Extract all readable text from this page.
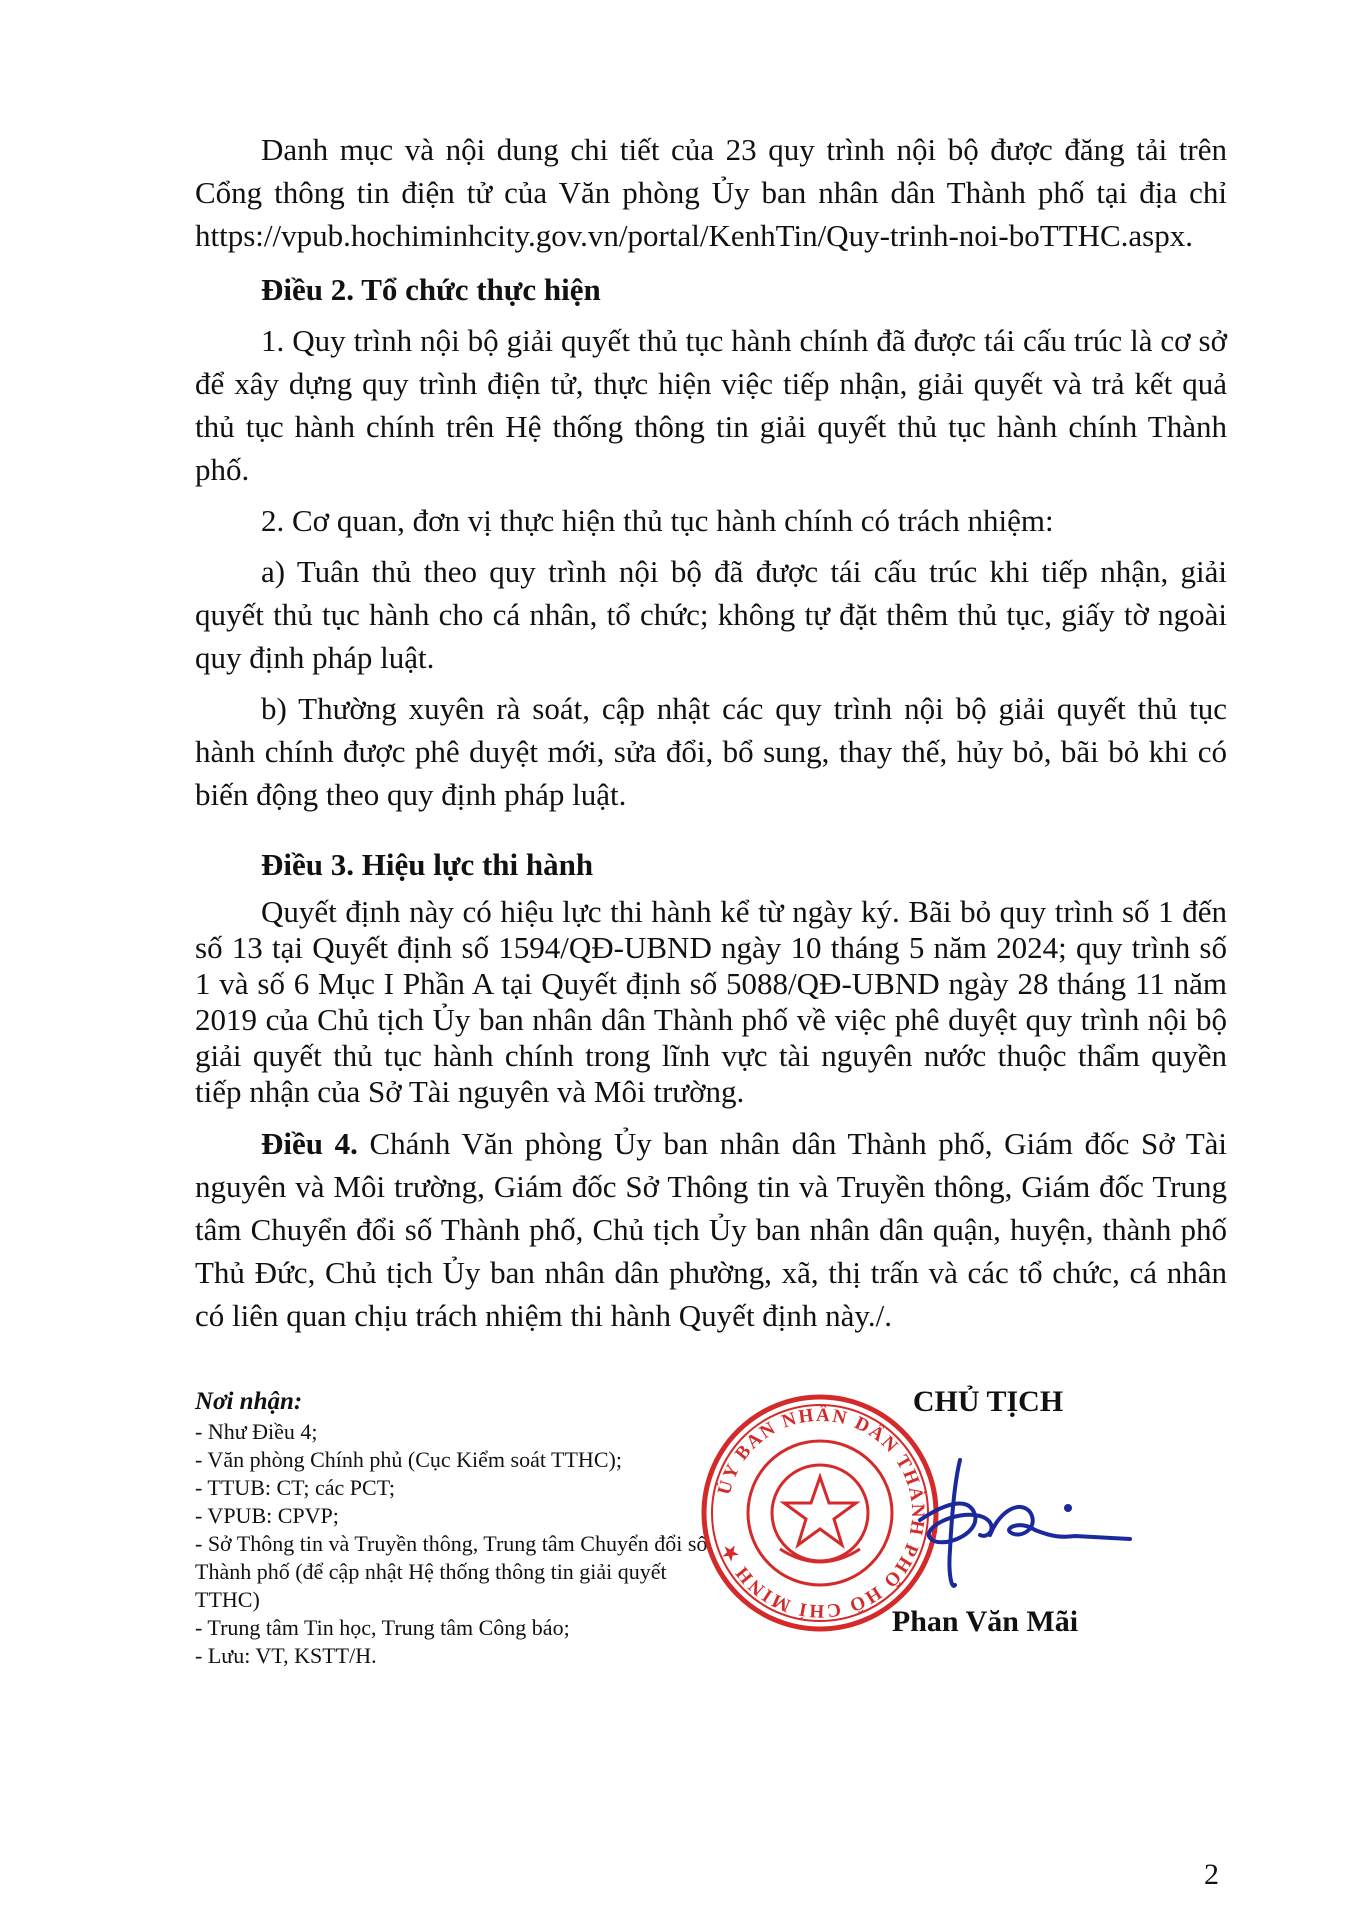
Danh mục và nội dung chi tiết của 23 quy trình nội bộ được đăng tải trên Cổng thông tin điện tử của Văn phòng Ủy ban nhân dân Thành phố tại địa chỉ https://vpub.hochiminhcity.gov.vn/portal/KenhTin/Quy-trinh-noi-boTTHC.aspx.

Điều 2. Tổ chức thực hiện

1. Quy trình nội bộ giải quyết thủ tục hành chính đã được tái cấu trúc là cơ sở để xây dựng quy trình điện tử, thực hiện việc tiếp nhận, giải quyết và trả kết quả thủ tục hành chính trên Hệ thống thông tin giải quyết thủ tục hành chính Thành phố.

2. Cơ quan, đơn vị thực hiện thủ tục hành chính có trách nhiệm:

a) Tuân thủ theo quy trình nội bộ đã được tái cấu trúc khi tiếp nhận, giải quyết thủ tục hành cho cá nhân, tổ chức; không tự đặt thêm thủ tục, giấy tờ ngoài quy định pháp luật.

b) Thường xuyên rà soát, cập nhật các quy trình nội bộ giải quyết thủ tục hành chính được phê duyệt mới, sửa đổi, bổ sung, thay thế, hủy bỏ, bãi bỏ khi có biến động theo quy định pháp luật.

Điều 3. Hiệu lực thi hành

Quyết định này có hiệu lực thi hành kể từ ngày ký. Bãi bỏ quy trình số 1 đến số 13 tại Quyết định số 1594/QĐ-UBND ngày 10 tháng 5 năm 2024; quy trình số 1 và số 6 Mục I Phần A tại Quyết định số 5088/QĐ-UBND ngày 28 tháng 11 năm 2019 của Chủ tịch Ủy ban nhân dân Thành phố về việc phê duyệt quy trình nội bộ giải quyết thủ tục hành chính trong lĩnh vực tài nguyên nước thuộc thẩm quyền tiếp nhận của Sở Tài nguyên và Môi trường.

Điều 4. Chánh Văn phòng Ủy ban nhân dân Thành phố, Giám đốc Sở Tài nguyên và Môi trường, Giám đốc Sở Thông tin và Truyền thông, Giám đốc Trung tâm Chuyển đổi số Thành phố, Chủ tịch Ủy ban nhân dân quận, huyện, thành phố Thủ Đức, Chủ tịch Ủy ban nhân dân phường, xã, thị trấn và các tổ chức, cá nhân có liên quan chịu trách nhiệm thi hành Quyết định này./.

Nơi nhận:

- Như Điều 4;

- Văn phòng Chính phủ (Cục Kiểm soát TTHC);

- TTUB: CT; các PCT;

- VPUB: CPVP;

- Sở Thông tin và Truyền thông, Trung tâm Chuyển đổi số Thành phố (để cập nhật Hệ thống thông tin giải quyết TTHC)

- Trung tâm Tin học, Trung tâm Công báo;

- Lưu: VT, KSTT/H.

ỦY BAN NHÂN DÂN THÀNH PHỐ HỒ CHÍ MINH ★
CHỦ TỊCH
Phan Văn Mãi
2
